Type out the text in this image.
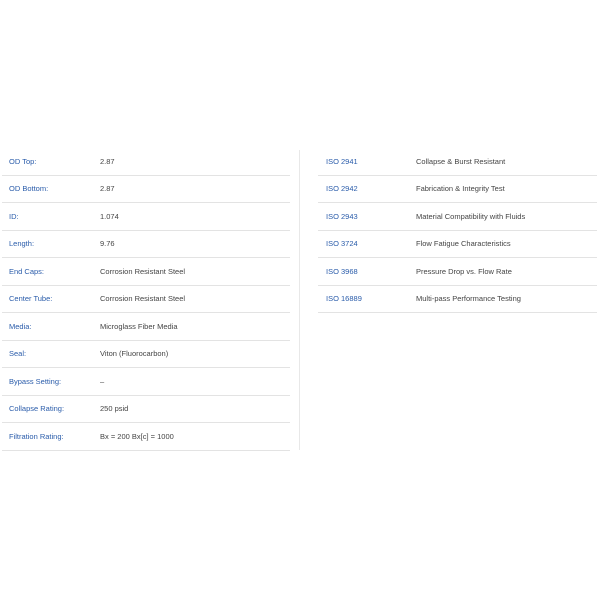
OD Top:	2.87
OD Bottom:	2.87
ID:	1.074
Length:	9.76
End Caps:	Corrosion Resistant Steel
Center Tube:	Corrosion Resistant Steel
Media:	Microglass Fiber Media
Seal:	Viton (Fluorocarbon)
Bypass Setting:	–
Collapse Rating:	250 psid
Filtration Rating:	Bx = 200 Bx[c] = 1000
ISO 2941	Collapse & Burst Resistant
ISO 2942	Fabrication & Integrity Test
ISO 2943	Material Compatibility with Fluids
ISO 3724	Flow Fatigue Characteristics
ISO 3968	Pressure Drop vs. Flow Rate
ISO 16889	Multi-pass Performance Testing
